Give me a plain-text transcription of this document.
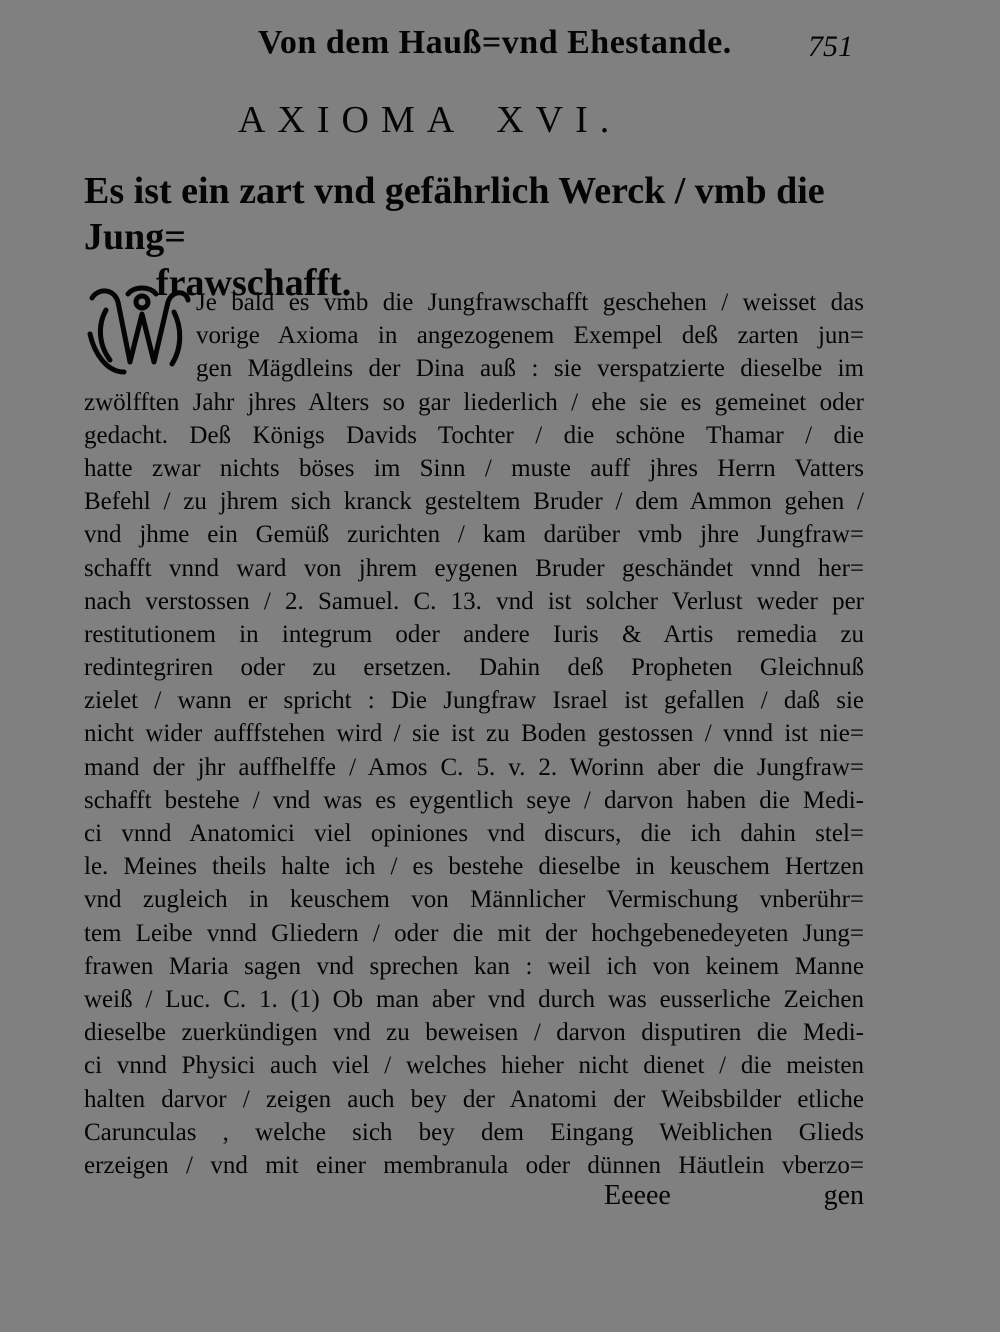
Von dem Hauß=vnd Ehestande.	751
AXIOMA XVI.
Es ist ein zart vnd gefährlich Werck / vmb die Jung=
frawschafft.
W
Je bald es vmb die Jungfrawschafft geschehen / weisset das
vorige Axioma in angezogenem Exempel deß zarten jun=
gen Mägdleins der Dina auß : sie verspatzierte dieselbe im
zwölfften Jahr jhres Alters so gar liederlich / ehe sie es gemeinet oder
gedacht. Deß Königs Davids Tochter / die schöne Thamar / die
hatte zwar nichts böses im Sinn / muste auff jhres Herrn Vatters
Befehl / zu jhrem sich kranck gesteltem Bruder / dem Ammon gehen /
vnd jhme ein Gemüß zurichten / kam darüber vmb jhre Jungfraw=
schafft vnnd ward von jhrem eygenen Bruder geschändet vnnd her=
nach verstossen / 2. Samuel. C. 13. vnd ist solcher Verlust weder per
restitutionem in integrum oder andere Iuris & Artis remedia zu
redintegriren oder zu ersetzen. Dahin deß Propheten Gleichnuß
zielet / wann er spricht : Die Jungfraw Israel ist gefallen / daß sie
nicht wider aufffstehen wird / sie ist zu Boden gestossen / vnnd ist nie=
mand der jhr auffhelffe / Amos C. 5. v. 2. Worinn aber die Jungfraw=
schafft bestehe / vnd was es eygentlich seye / darvon haben die Medi-
ci vnnd Anatomici viel opiniones vnd discurs, die ich dahin stel=
le. Meines theils halte ich / es bestehe dieselbe in keuschem Hertzen
vnd zugleich in keuschem von Männlicher Vermischung vnberühr=
tem Leibe vnnd Gliedern / oder die mit der hochgebenedeyeten Jung=
frawen Maria sagen vnd sprechen kan : weil ich von keinem Manne
weiß / Luc. C. 1. (1) Ob man aber vnd durch was eusserliche Zeichen
dieselbe zuerkündigen vnd zu beweisen / darvon disputiren die Medi-
ci vnnd Physici auch viel / welches hieher nicht dienet / die meisten
halten darvor / zeigen auch bey der Anatomi der Weibsbilder etliche
Caruncul​as , welche sich bey dem Eingang Weiblichen Glieds
erzeigen / vnd mit einer membranula oder dünnen Häutlein vberzo=
Eeeee	gen
